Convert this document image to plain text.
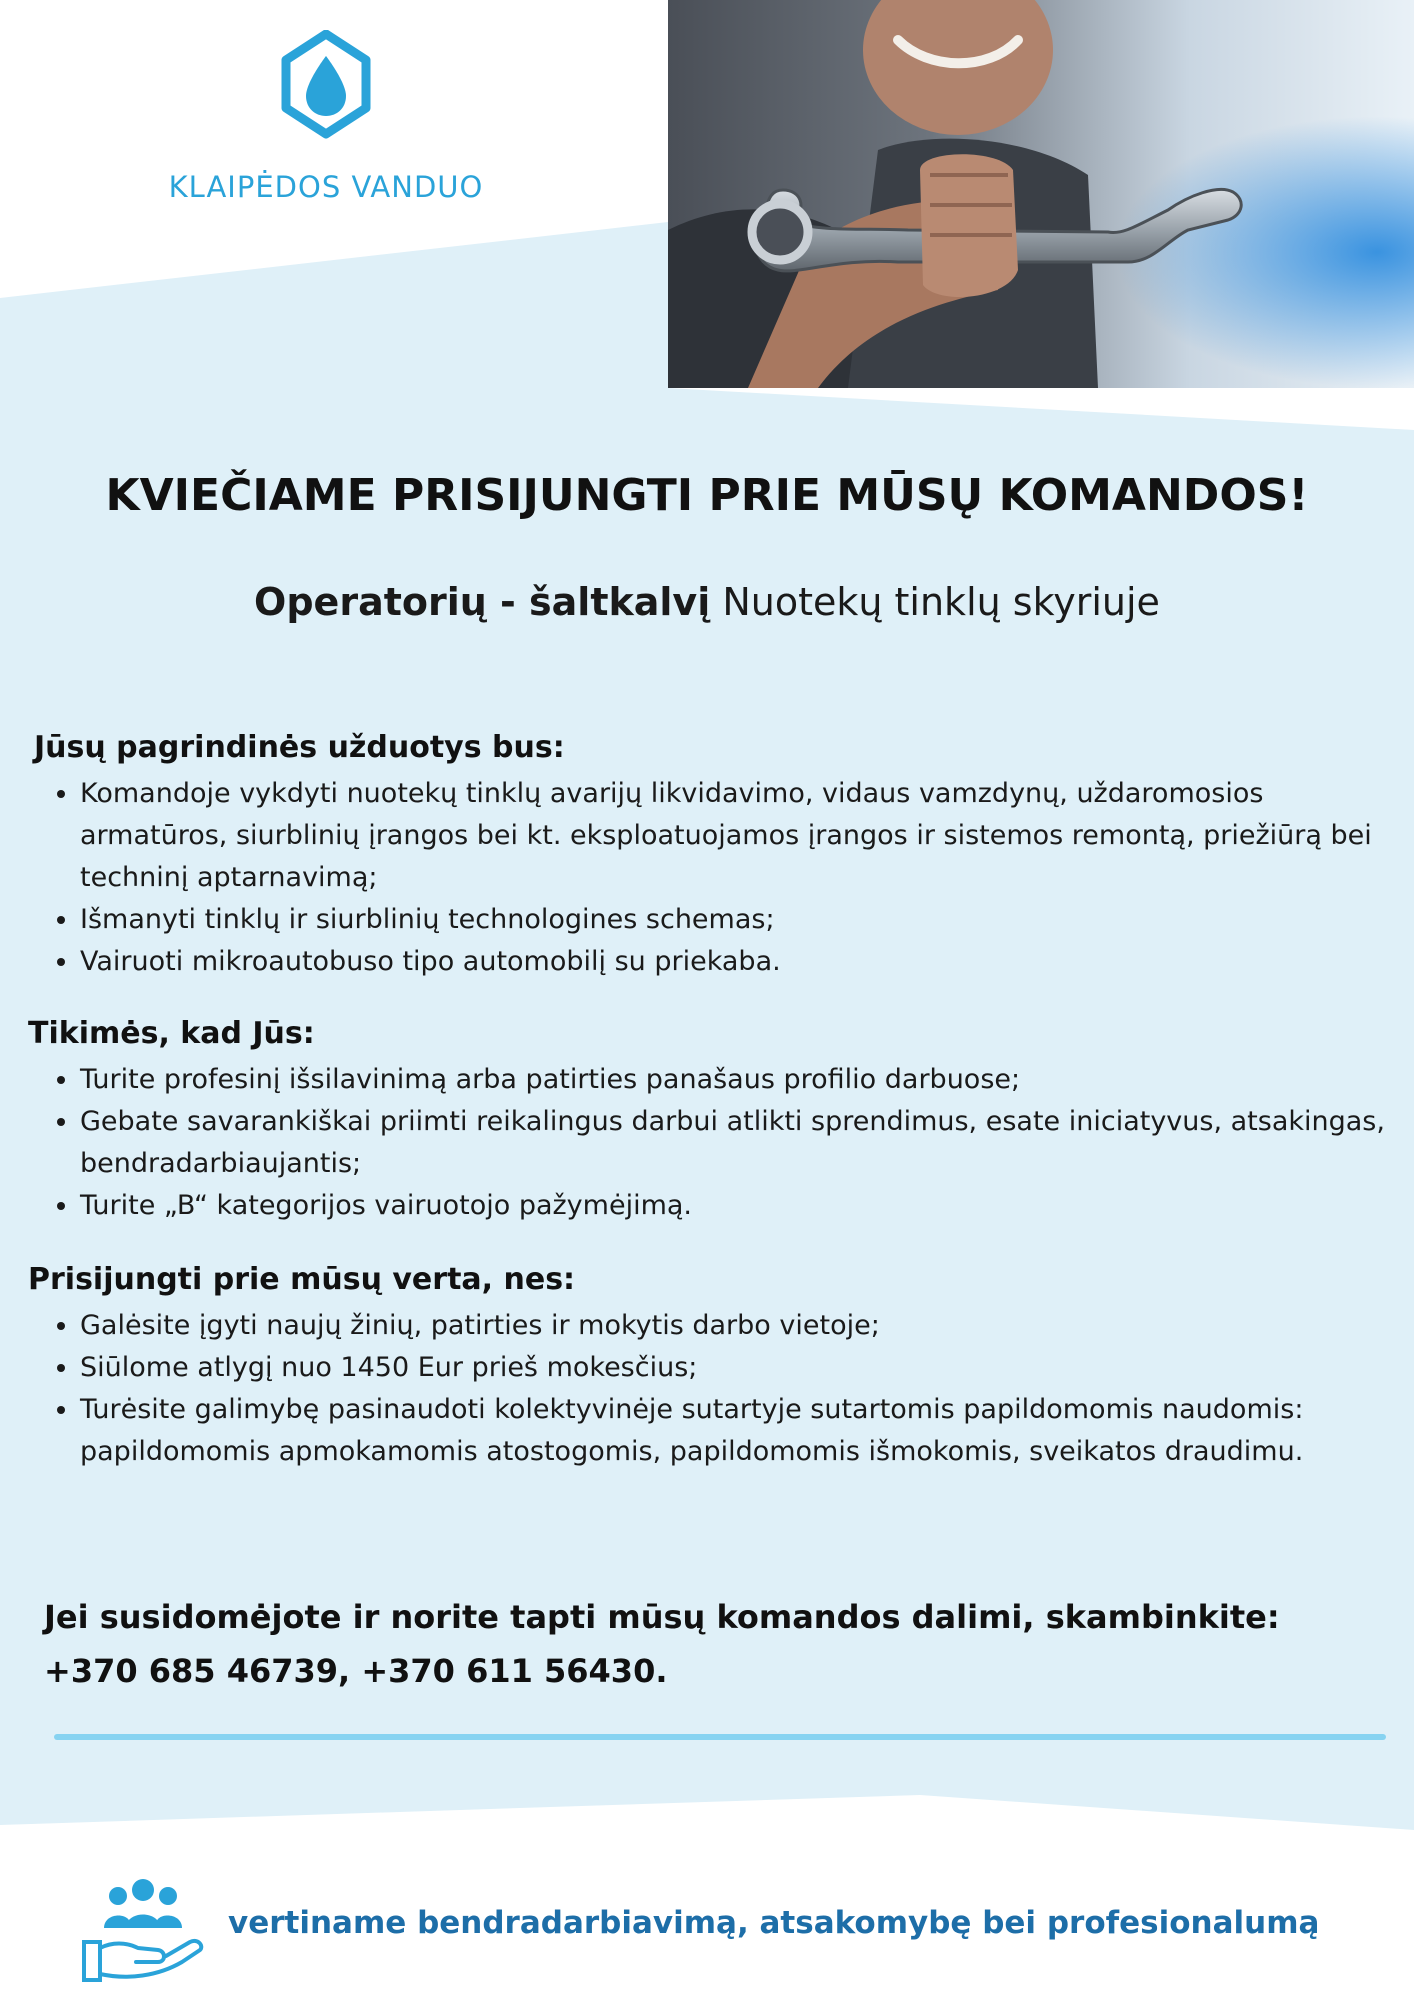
KLAIPĖDOS VANDUO
KVIEČIAME PRISIJUNGTI PRIE MŪSŲ KOMANDOS!
Operatorių - šaltkalvį Nuotekų tinklų skyriuje
Jūsų pagrindinės užduotys bus:
• Komandoje vykdyti nuotekų tinklų avarijų likvidavimo, vidaus vamzdynų, uždaromosios armatūros, siurblinių įrangos bei kt. eksploatuojamos įrangos ir sistemos remontą, priežiūrą bei techninį aptarnavimą;
• Išmanyti tinklų ir siurblinių technologines schemas;
• Vairuoti mikroautobuso tipo automobilį su priekaba.
Tikimės, kad Jūs:
• Turite profesinį išsilavinimą arba patirties panašaus profilio darbuose;
• Gebate savarankiškai priimti reikalingus darbui atlikti sprendimus, esate iniciatyvus, atsakingas, bendradarbiaujantis;
• Turite „B“ kategorijos vairuotojo pažymėjimą.
Prisijungti prie mūsų verta, nes:
• Galėsite įgyti naujų žinių, patirties ir mokytis darbo vietoje;
• Siūlome atlygį nuo 1450 Eur prieš mokesčius;
• Turėsite galimybę pasinaudoti kolektyvinėje sutartyje sutartomis papildomomis naudomis: papildomomis apmokamomis atostogomis, papildomomis išmokomis, sveikatos draudimu.
Jei susidomėjote ir norite tapti mūsų komandos dalimi, skambinkite:
+370 685 46739, +370 611 56430.
vertiname bendradarbiavimą, atsakomybę bei profesionalumą
